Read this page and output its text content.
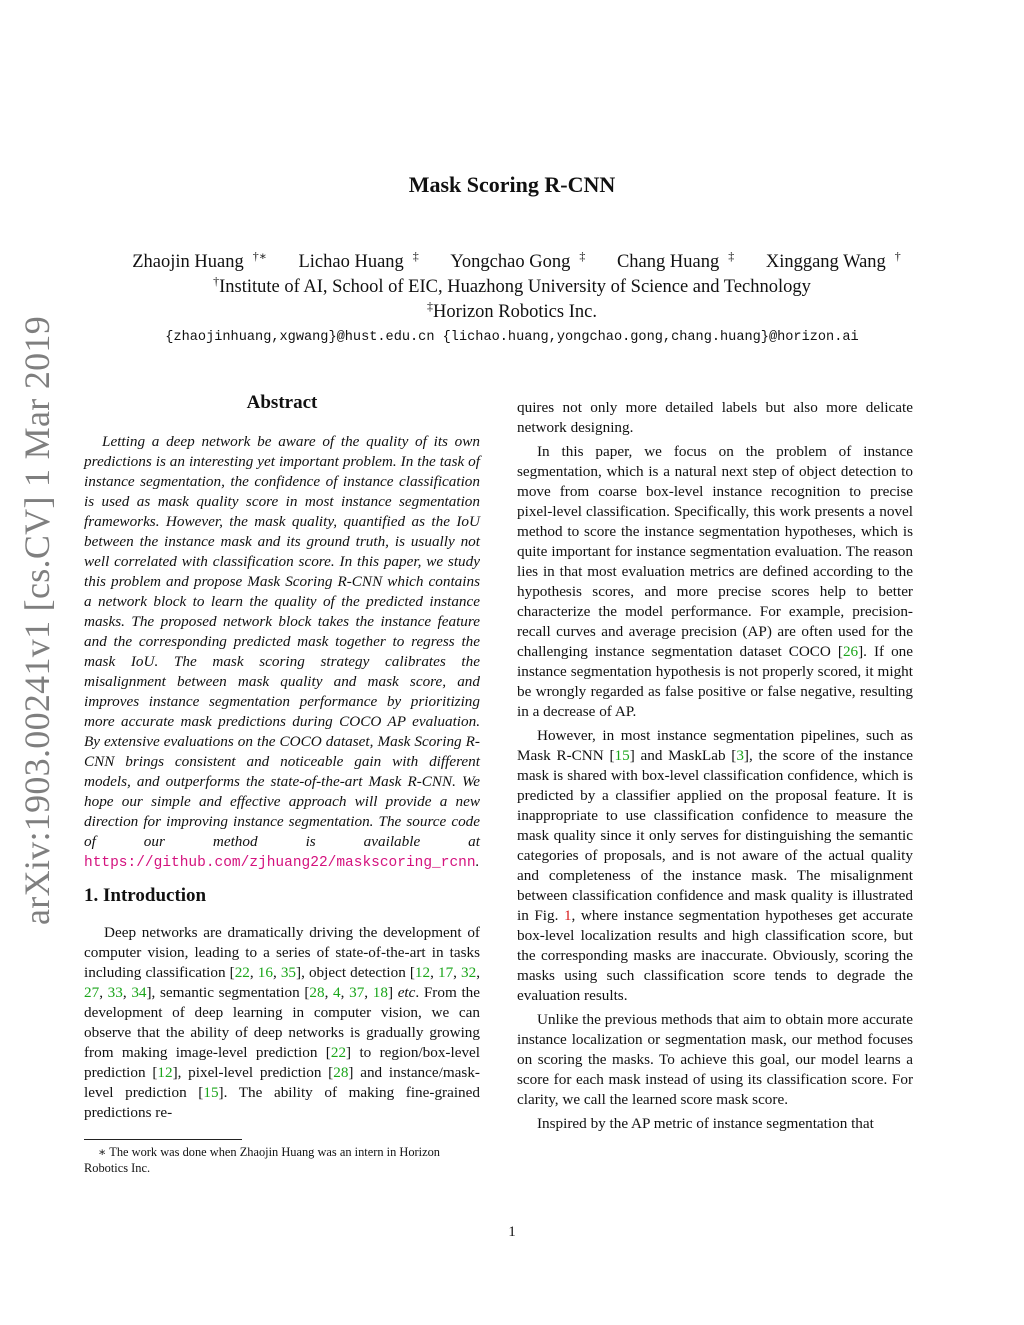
arXiv:1903.00241v1 [cs.CV] 1 Mar 2019
Mask Scoring R-CNN
Zhaojin Huang †∗ Lichao Huang ‡ Yongchao Gong ‡ Chang Huang ‡ Xinggang Wang †
†Institute of AI, School of EIC, Huazhong University of Science and Technology
‡Horizon Robotics Inc.
{zhaojinhuang,xgwang}@hust.edu.cn {lichao.huang,yongchao.gong,chang.huang}@horizon.ai
Abstract

Letting a deep network be aware of the quality of its own predictions is an interesting yet important problem. In the task of instance segmentation, the confidence of instance classification is used as mask quality score in most instance segmentation frameworks. However, the mask quality, quantified as the IoU between the instance mask and its ground truth, is usually not well correlated with classification score. In this paper, we study this problem and propose Mask Scoring R-CNN which contains a network block to learn the quality of the predicted instance masks. The proposed network block takes the instance feature and the corresponding predicted mask together to regress the mask IoU. The mask scoring strategy calibrates the misalignment between mask quality and mask score, and improves instance segmentation performance by prioritizing more accurate mask predictions during COCO AP evaluation. By extensive evaluations on the COCO dataset, Mask Scoring R-CNN brings consistent and noticeable gain with different models, and outperforms the state-of-the-art Mask R-CNN. We hope our simple and effective approach will provide a new direction for improving instance segmentation. The source code of our method is available at https://github.com/zjhuang22/maskscoring_rcnn.

1. Introduction

Deep networks are dramatically driving the development of computer vision, leading to a series of state-of-the-art in tasks including classification [22, 16, 35], object detection [12, 17, 32, 27, 33, 34], semantic segmentation [28, 4, 37, 18] etc. From the development of deep learning in computer vision, we can observe that the ability of deep networks is gradually growing from making image-level prediction [22] to region/box-level prediction [12], pixel-level prediction [28] and instance/mask-level prediction [15]. The ability of making fine-grained predictions re-

∗ The work was done when Zhaojin Huang was an intern in Horizon Robotics Inc.

quires not only more detailed labels but also more delicate network designing.

In this paper, we focus on the problem of instance segmentation, which is a natural next step of object detection to move from coarse box-level instance recognition to precise pixel-level classification. Specifically, this work presents a novel method to score the instance segmentation hypotheses, which is quite important for instance segmentation evaluation. The reason lies in that most evaluation metrics are defined according to the hypothesis scores, and more precise scores help to better characterize the model performance. For example, precision-recall curves and average precision (AP) are often used for the challenging instance segmentation dataset COCO [26]. If one instance segmentation hypothesis is not properly scored, it might be wrongly regarded as false positive or false negative, resulting in a decrease of AP.

However, in most instance segmentation pipelines, such as Mask R-CNN [15] and MaskLab [3], the score of the instance mask is shared with box-level classification confidence, which is predicted by a classifier applied on the proposal feature. It is inappropriate to use classification confidence to measure the mask quality since it only serves for distinguishing the semantic categories of proposals, and is not aware of the actual quality and completeness of the instance mask. The misalignment between classification confidence and mask quality is illustrated in Fig. 1, where instance segmentation hypotheses get accurate box-level localization results and high classification score, but the corresponding masks are inaccurate. Obviously, scoring the masks using such classification score tends to degrade the evaluation results.

Unlike the previous methods that aim to obtain more accurate instance localization or segmentation mask, our method focuses on scoring the masks. To achieve this goal, our model learns a score for each mask instead of using its classification score. For clarity, we call the learned score mask score.

Inspired by the AP metric of instance segmentation that

1
